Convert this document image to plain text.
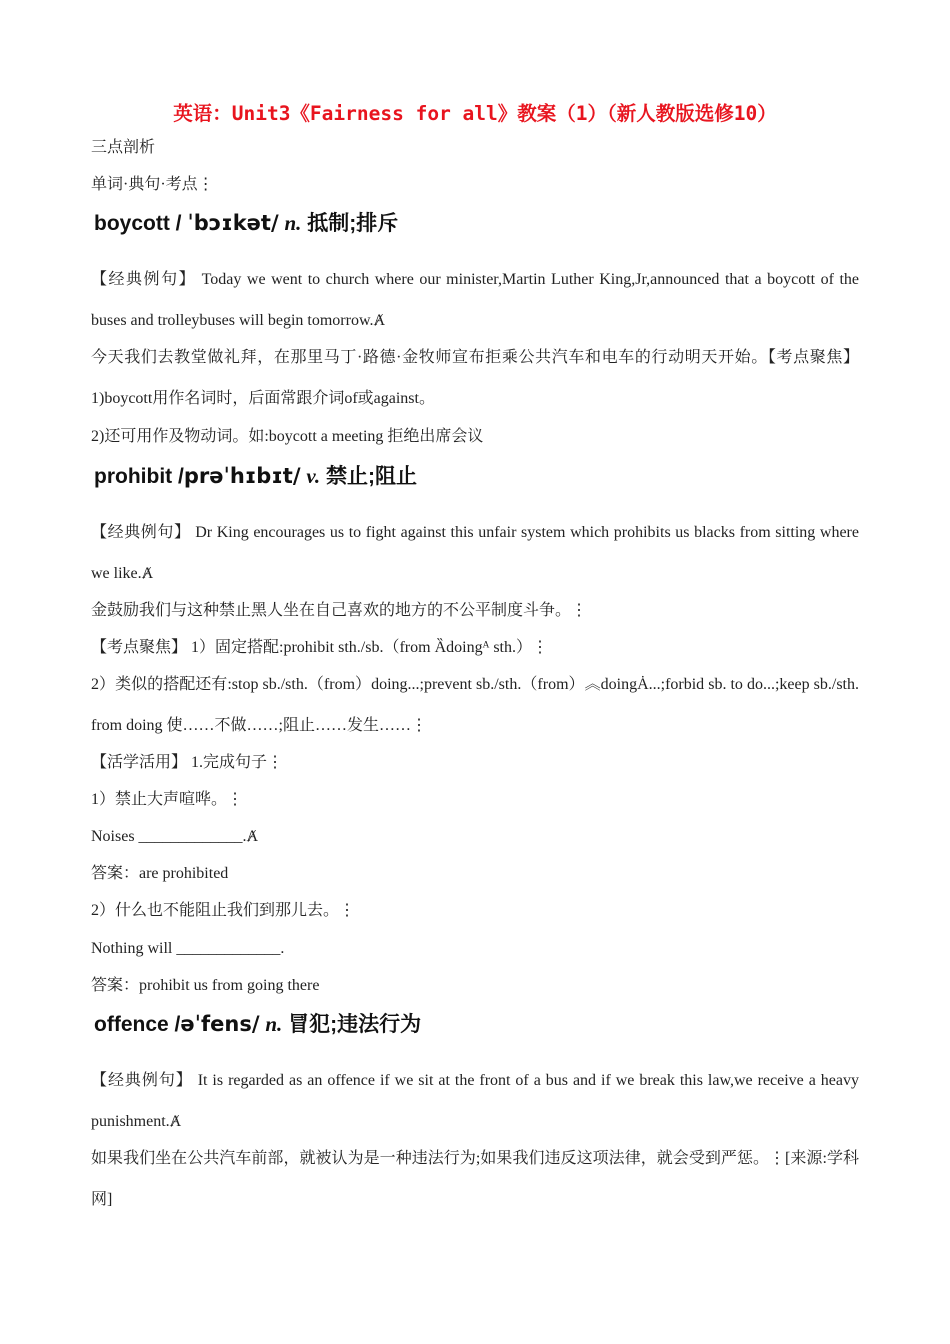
英语：Unit3《Fairness for all》教案（1）（新人教版选修10）

三点剖析

单词·典句·考点⋮

boycott / ˈbɔɪkət/ n. 抵制;排斥

【经典例句】 Today we went to church where our minister,Martin Luther King,Jr,announced that a boycott of the buses and trolleybuses will begin tomorrow.Ⱥ

今天我们去教堂做礼拜，在那里马丁·路德·金牧师宣布拒乘公共汽车和电车的行动明天开始。【考点聚焦】 1)boycott用作名词时，后面常跟介词of或against。

2)还可用作及物动词。如:boycott a meeting 拒绝出席会议

prohibit /prəˈhɪbɪt/ v. 禁止;阻止

【经典例句】 Dr King encourages us to fight against this unfair system which prohibits us blacks from sitting where we like.Ⱥ

金鼓励我们与这种禁止黑人坐在自己喜欢的地方的不公平制度斗争。⋮

【考点聚焦】 1）固定搭配:prohibit sth./sb.（from Ȁdoingᴬ sth.）⋮

2）类似的搭配还有:stop sb./sth.（from）doing...;prevent sb./sth.（from）︽doingȦ...;forbid sb. to do...;keep sb./sth. from doing 使……不做……;阻止……发生……⋮

【活学活用】 1.完成句子⋮

1）禁止大声喧哗。⋮

Noises _____________.Ⱥ

答案：are prohibited

2）什么也不能阻止我们到那儿去。⋮

Nothing will _____________.

答案：prohibit us from going there

offence /əˈfens/ n. 冒犯;违法行为

【经典例句】 It is regarded as an offence if we sit at the front of a bus and if we break this law,we receive a heavy punishment.Ⱥ

如果我们坐在公共汽车前部，就被认为是一种违法行为;如果我们违反这项法律，就会受到严惩。⋮[来源:学科网]
